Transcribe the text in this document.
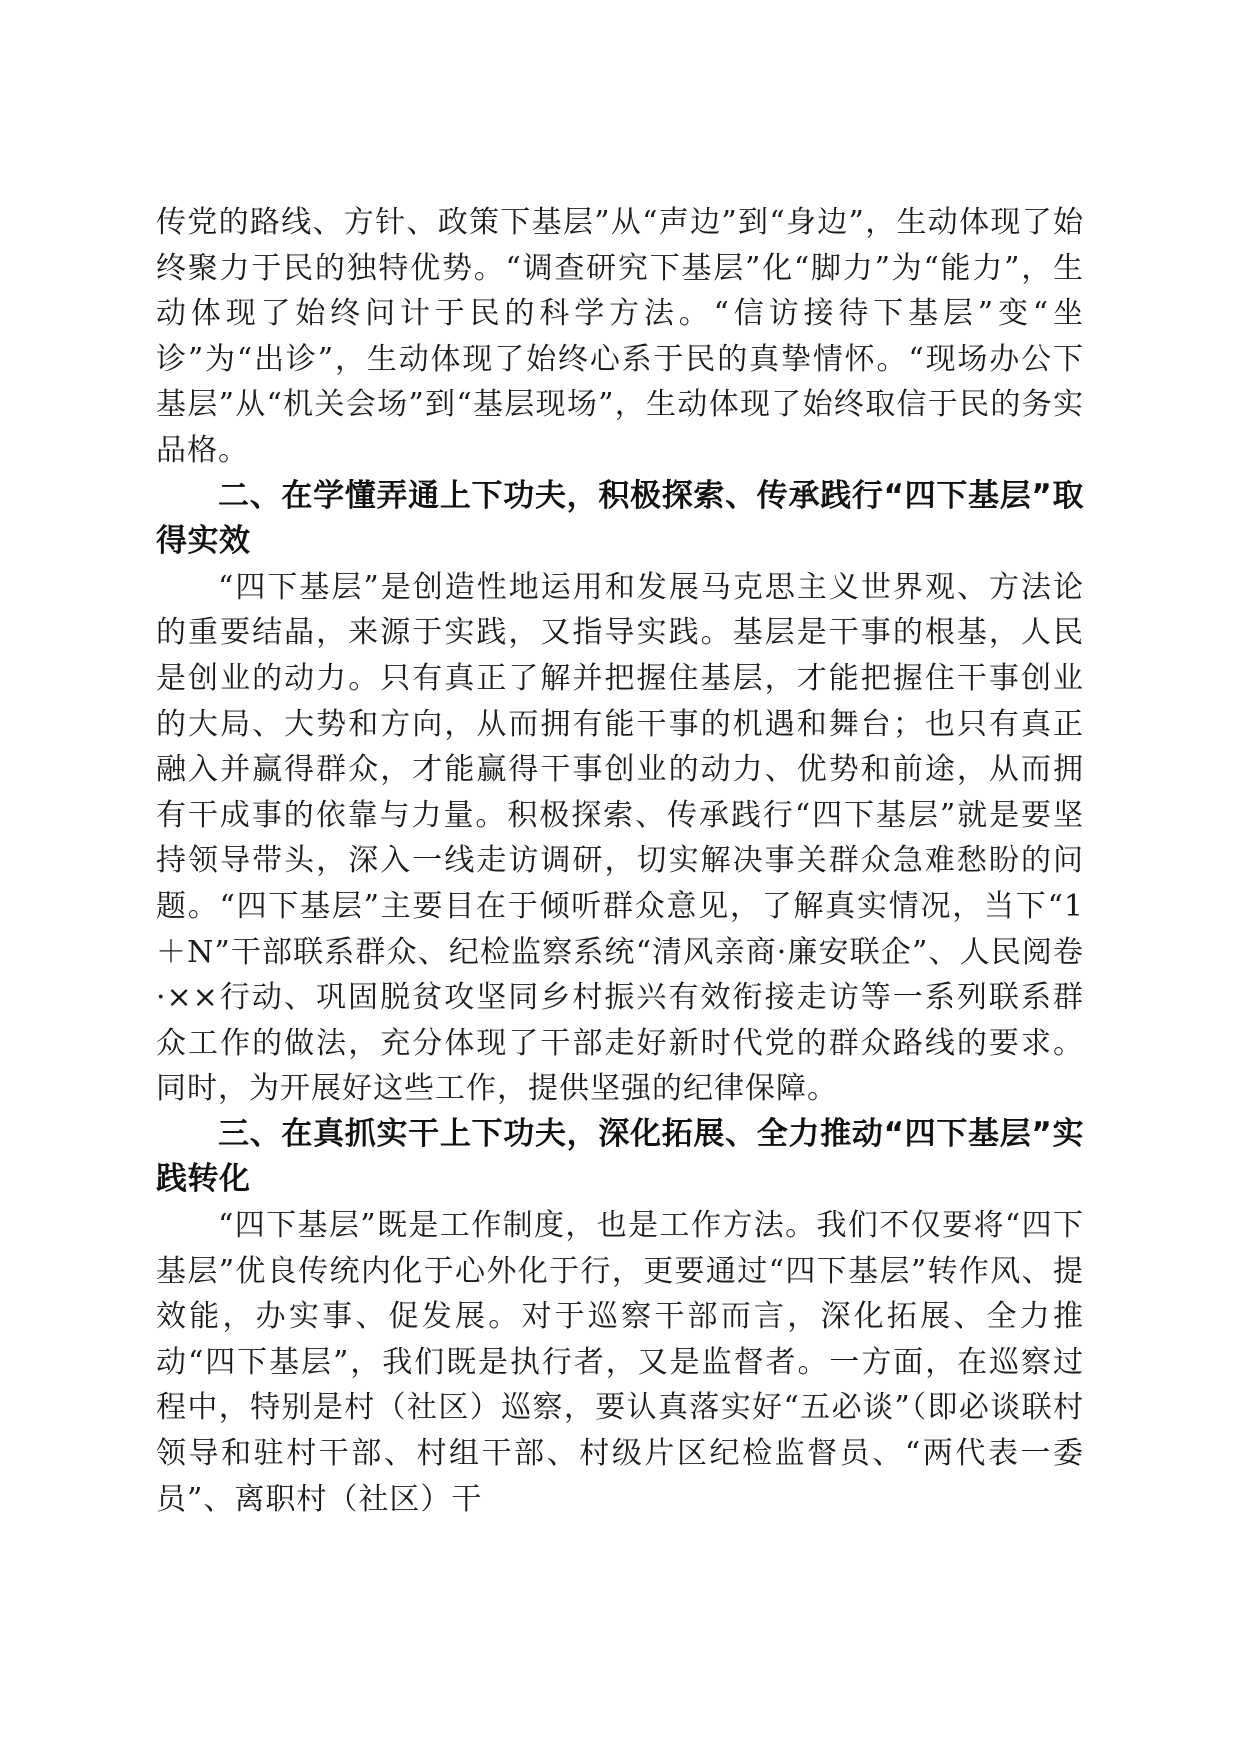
传党的路线、方针、政策下基层”从“声边”到“身边”，生动体现了始终聚力于民的独特优势。“调查研究下基层”化“脚力”为“能力”，生动体现了始终问计于民的科学方法。“信访接待下基层”变“坐诊”为“出诊”，生动体现了始终心系于民的真挚情怀。“现场办公下基层”从“机关会场”到“基层现场”，生动体现了始终取信于民的务实品格。

二、在学懂弄通上下功夫，积极探索、传承践行“四下基层”取得实效

“四下基层”是创造性地运用和发展马克思主义世界观、方法论的重要结晶，来源于实践，又指导实践。基层是干事的根基，人民是创业的动力。只有真正了解并把握住基层，才能把握住干事创业的大局、大势和方向，从而拥有能干事的机遇和舞台；也只有真正融入并赢得群众，才能赢得干事创业的动力、优势和前途，从而拥有干成事的依靠与力量。积极探索、传承践行“四下基层”就是要坚持领导带头，深入一线走访调研，切实解决事关群众急难愁盼的问题。“四下基层”主要目在于倾听群众意见，了解真实情况，当下“1＋N”干部联系群众、纪检监察系统“清风亲商·廉安联企”、人民阅卷·××行动、巩固脱贫攻坚同乡村振兴有效衔接走访等一系列联系群众工作的做法，充分体现了干部走好新时代党的群众路线的要求。同时，为开展好这些工作，提供坚强的纪律保障。

三、在真抓实干上下功夫，深化拓展、全力推动“四下基层”实践转化

“四下基层”既是工作制度，也是工作方法。我们不仅要将“四下基层”优良传统内化于心外化于行，更要通过“四下基层”转作风、提效能，办实事、促发展。对于巡察干部而言，深化拓展、全力推动“四下基层”，我们既是执行者，又是监督者。一方面，在巡察过程中，特别是村（社区）巡察，要认真落实好“五必谈”（即必谈联村领导和驻村干部、村组干部、村级片区纪检监督员、“两代表一委员”、离职村（社区）干
